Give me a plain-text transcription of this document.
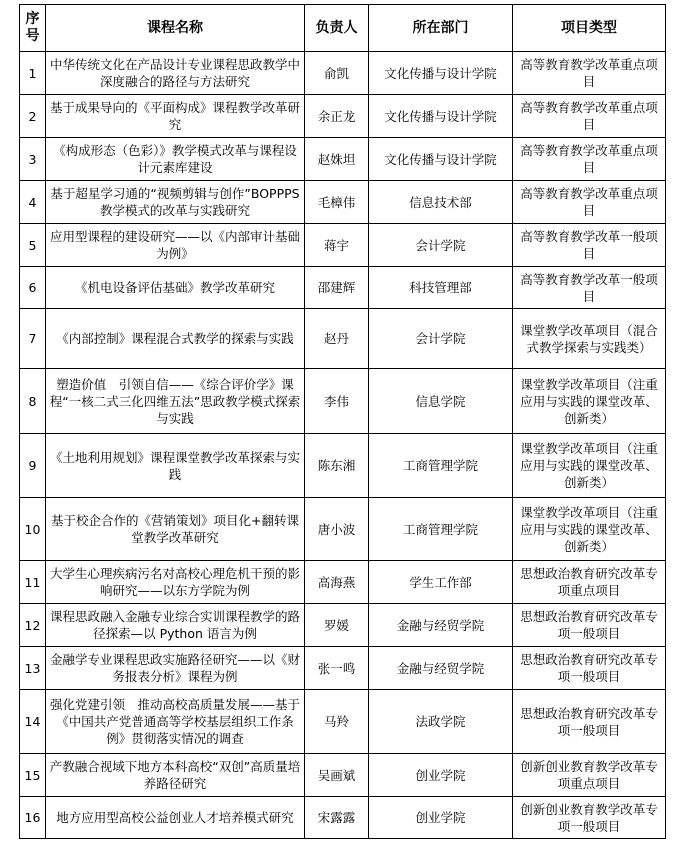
序号	课程名称	负责人	所在部门	项目类型
1	中华传统文化在产品设计专业课程思政教学中深度融合的路径与方法研究	俞凯	文化传播与设计学院	高等教育教学改革重点项目
2	基于成果导向的《平面构成》课程教学改革研究	余正龙	文化传播与设计学院	高等教育教学改革重点项目
3	《构成形态（色彩）》教学模式改革与课程设计元素库建设	赵姝坦	文化传播与设计学院	高等教育教学改革重点项目
4	基于超星学习通的“视频剪辑与创作”BOPPPS 教学模式的改革与实践研究	毛樟伟	信息技术部	高等教育教学改革重点项目
5	应用型课程的建设研究——以《内部审计基础为例》	蒋宇	会计学院	高等教育教学改革一般项目
6	《机电设备评估基础》教学改革研究	邵建辉	科技管理部	高等教育教学改革一般项目
7	《内部控制》课程混合式教学的探索与实践	赵丹	会计学院	课堂教学改革项目（混合式教学探索与实践类）
8	塑造价值　引领自信——《综合评价学》课程“一核二式三化四维五法”思政教学模式探索与实践	李伟	信息学院	课堂教学改革项目（注重应用与实践的课堂改革、创新类）
9	《土地利用规划》课程课堂教学改革探索与实践	陈东湘	工商管理学院	课堂教学改革项目（注重应用与实践的课堂改革、创新类）
10	基于校企合作的《营销策划》项目化+翻转课堂教学改革研究	唐小波	工商管理学院	课堂教学改革项目（注重应用与实践的课堂改革、创新类）
11	大学生心理疾病污名对高校心理危机干预的影响研究——以东方学院为例	高海燕	学生工作部	思想政治教育研究改革专项重点项目
12	课程思政融入金融专业综合实训课程教学的路径探索—以 Python 语言为例	罗媛	金融与经贸学院	思想政治教育研究改革专项一般项目
13	金融学专业课程思政实施路径研究——以《财务报表分析》课程为例	张一鸣	金融与经贸学院	思想政治教育研究改革专项一般项目
14	强化党建引领　推动高校高质量发展——基于《中国共产党普通高等学校基层组织工作条例》贯彻落实情况的调查	马羚	法政学院	思想政治教育研究改革专项一般项目
15	产教融合视域下地方本科高校“双创”高质量培养路径研究	吴画斌	创业学院	创新创业教育教学改革专项重点项目
16	地方应用型高校公益创业人才培养模式研究	宋露露	创业学院	创新创业教育教学改革专项一般项目
